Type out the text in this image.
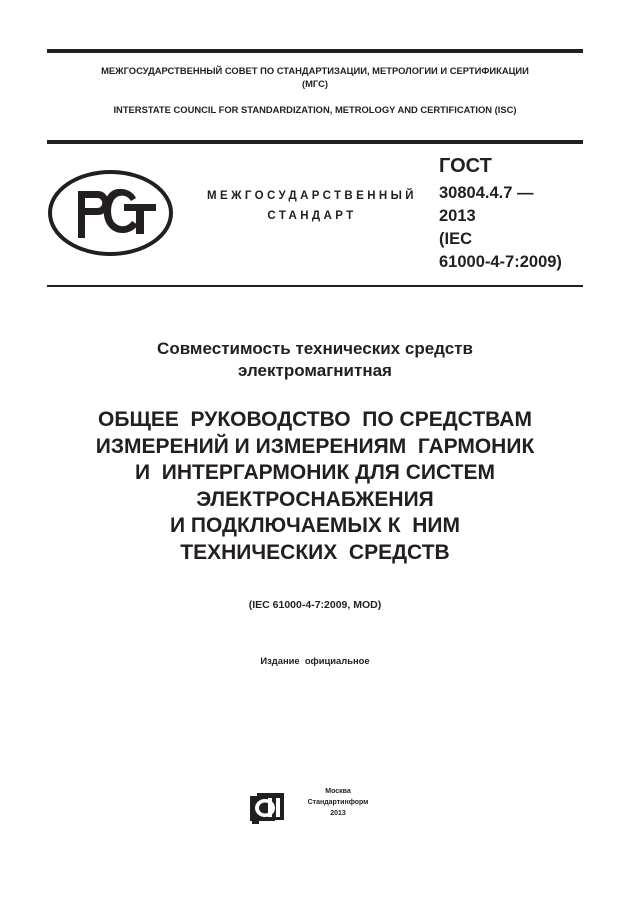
МЕЖГОСУДАРСТВЕННЫЙ СОВЕТ ПО СТАНДАРТИЗАЦИИ, МЕТРОЛОГИИ И СЕРТИФИКАЦИИ
(МГС)
INTERSTATE COUNCIL FOR STANDARDIZATION, METROLOGY AND CERTIFICATION (ISC)
МЕЖГОСУДАРСТВЕННЫЙ
СТАНДАРТ
ГОСТ
30804.4.7 —
2013
(IEC
61000-4-7:2009)
Совместимость технических средств
электромагнитная
ОБЩЕЕ  РУКОВОДСТВО  ПО СРЕДСТВАМ
ИЗМЕРЕНИЙ И ИЗМЕРЕНИЯМ  ГАРМОНИК
И  ИНТЕРГАРМОНИК ДЛЯ СИСТЕМ
ЭЛЕКТРОСНАБЖЕНИЯ
И ПОДКЛЮЧАЕМЫХ К  НИМ
ТЕХНИЧЕСКИХ  СРЕДСТВ
(IEC 61000-4-7:2009, MOD)
Издание  официальное
Москва
Стандартинформ
2013
